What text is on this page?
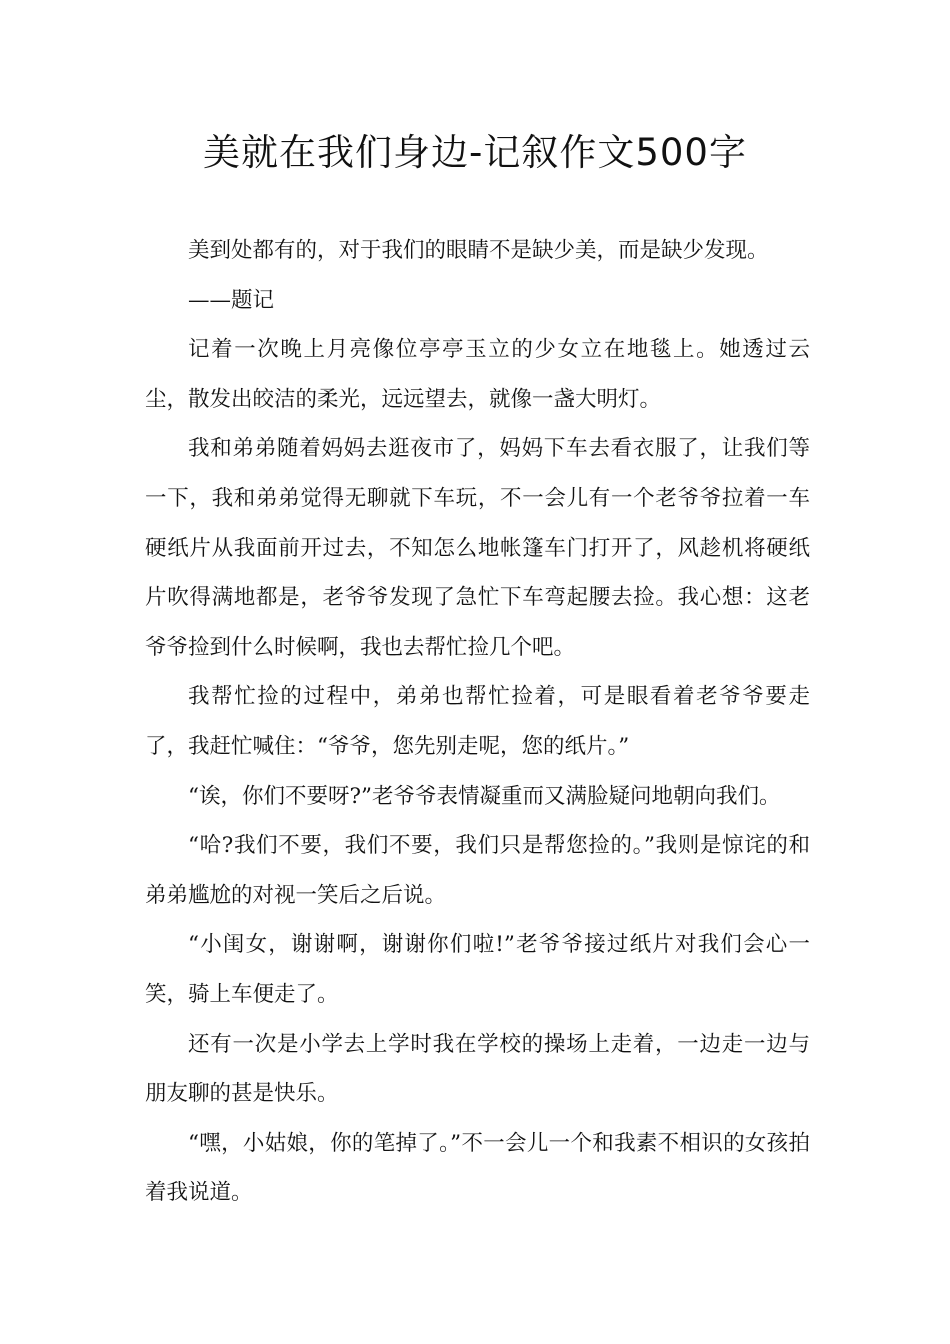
美就在我们身边-记叙作文500字

美到处都有的，对于我们的眼睛不是缺少美，而是缺少发现。

——题记

记着一次晚上月亮像位亭亭玉立的少女立在地毯上。她透过云尘，散发出皎洁的柔光，远远望去，就像一盏大明灯。

我和弟弟随着妈妈去逛夜市了，妈妈下车去看衣服了，让我们等一下，我和弟弟觉得无聊就下车玩，不一会儿有一个老爷爷拉着一车硬纸片从我面前开过去，不知怎么地帐篷车门打开了，风趁机将硬纸片吹得满地都是，老爷爷发现了急忙下车弯起腰去捡。我心想：这老爷爷捡到什么时候啊，我也去帮忙捡几个吧。

我帮忙捡的过程中，弟弟也帮忙捡着，可是眼看着老爷爷要走了，我赶忙喊住：“爷爷，您先别走呢，您的纸片。”

“诶，你们不要呀?”老爷爷表情凝重而又满脸疑问地朝向我们。

“哈?我们不要，我们不要，我们只是帮您捡的。”我则是惊诧的和弟弟尴尬的对视一笑后之后说。

“小闺女，谢谢啊，谢谢你们啦!”老爷爷接过纸片对我们会心一笑，骑上车便走了。

还有一次是小学去上学时我在学校的操场上走着，一边走一边与朋友聊的甚是快乐。

“嘿，小姑娘，你的笔掉了。”不一会儿一个和我素不相识的女孩拍着我说道。
